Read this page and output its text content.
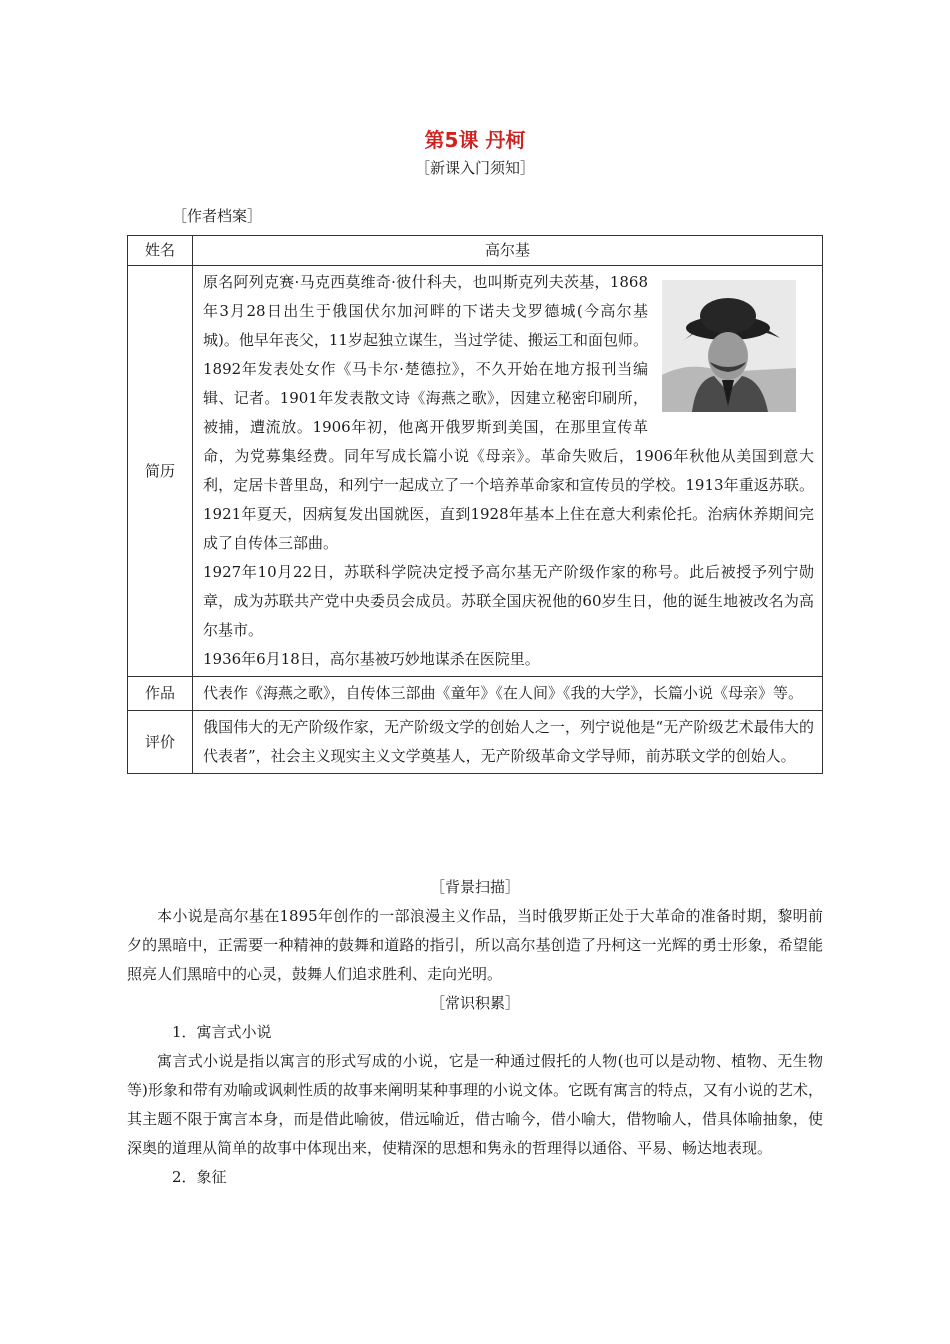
第5课 丹柯
［新课入门须知］
［作者档案］
姓名	高尔基
简历	原名阿列克赛·马克西莫维奇·彼什科夫，也叫斯克列夫茨基，1868年3月28日出生于俄国伏尔加河畔的下诺夫戈罗德城(今高尔基城)。他早年丧父，11岁起独立谋生，当过学徒、搬运工和面包师。1892年发表处女作《马卡尔·楚德拉》，不久开始在地方报刊当编辑、记者。1901年发表散文诗《海燕之歌》，因建立秘密印刷所，被捕，遭流放。1906年初，他离开俄罗斯到美国，在那里宣传革命，为党募集经费。同年写成长篇小说《母亲》。革命失败后，1906年秋他从美国到意大利，定居卡普里岛，和列宁一起成立了一个培养革命家和宣传员的学校。1913年重返苏联。1921年夏天，因病复发出国就医，直到1928年基本上住在意大利索伦托。治病休养期间完成了自传体三部曲。

1927年10月22日，苏联科学院决定授予高尔基无产阶级作家的称号。此后被授予列宁勋章，成为苏联共产党中央委员会成员。苏联全国庆祝他的60岁生日，他的诞生地被改名为高尔基市。

1936年6月18日，高尔基被巧妙地谋杀在医院里。

作品	代表作《海燕之歌》，自传体三部曲《童年》《在人间》《我的大学》，长篇小说《母亲》等。
评价	俄国伟大的无产阶级作家，无产阶级文学的创始人之一，列宁说他是“无产阶级艺术最伟大的代表者”，社会主义现实主义文学奠基人，无产阶级革命文学导师，前苏联文学的创始人。
［背景扫描］

本小说是高尔基在1895年创作的一部浪漫主义作品，当时俄罗斯正处于大革命的准备时期，黎明前夕的黑暗中，正需要一种精神的鼓舞和道路的指引，所以高尔基创造了丹柯这一光辉的勇士形象，希望能照亮人们黑暗中的心灵，鼓舞人们追求胜利、走向光明。

［常识积累］
1．寓言式小说

寓言式小说是指以寓言的形式写成的小说，它是一种通过假托的人物(也可以是动物、植物、无生物等)形象和带有劝喻或讽刺性质的故事来阐明某种事理的小说文体。它既有寓言的特点，又有小说的艺术，其主题不限于寓言本身，而是借此喻彼，借远喻近，借古喻今，借小喻大，借物喻人，借具体喻抽象，使深奥的道理从简单的故事中体现出来，使精深的思想和隽永的哲理得以通俗、平易、畅达地表现。

2．象征
